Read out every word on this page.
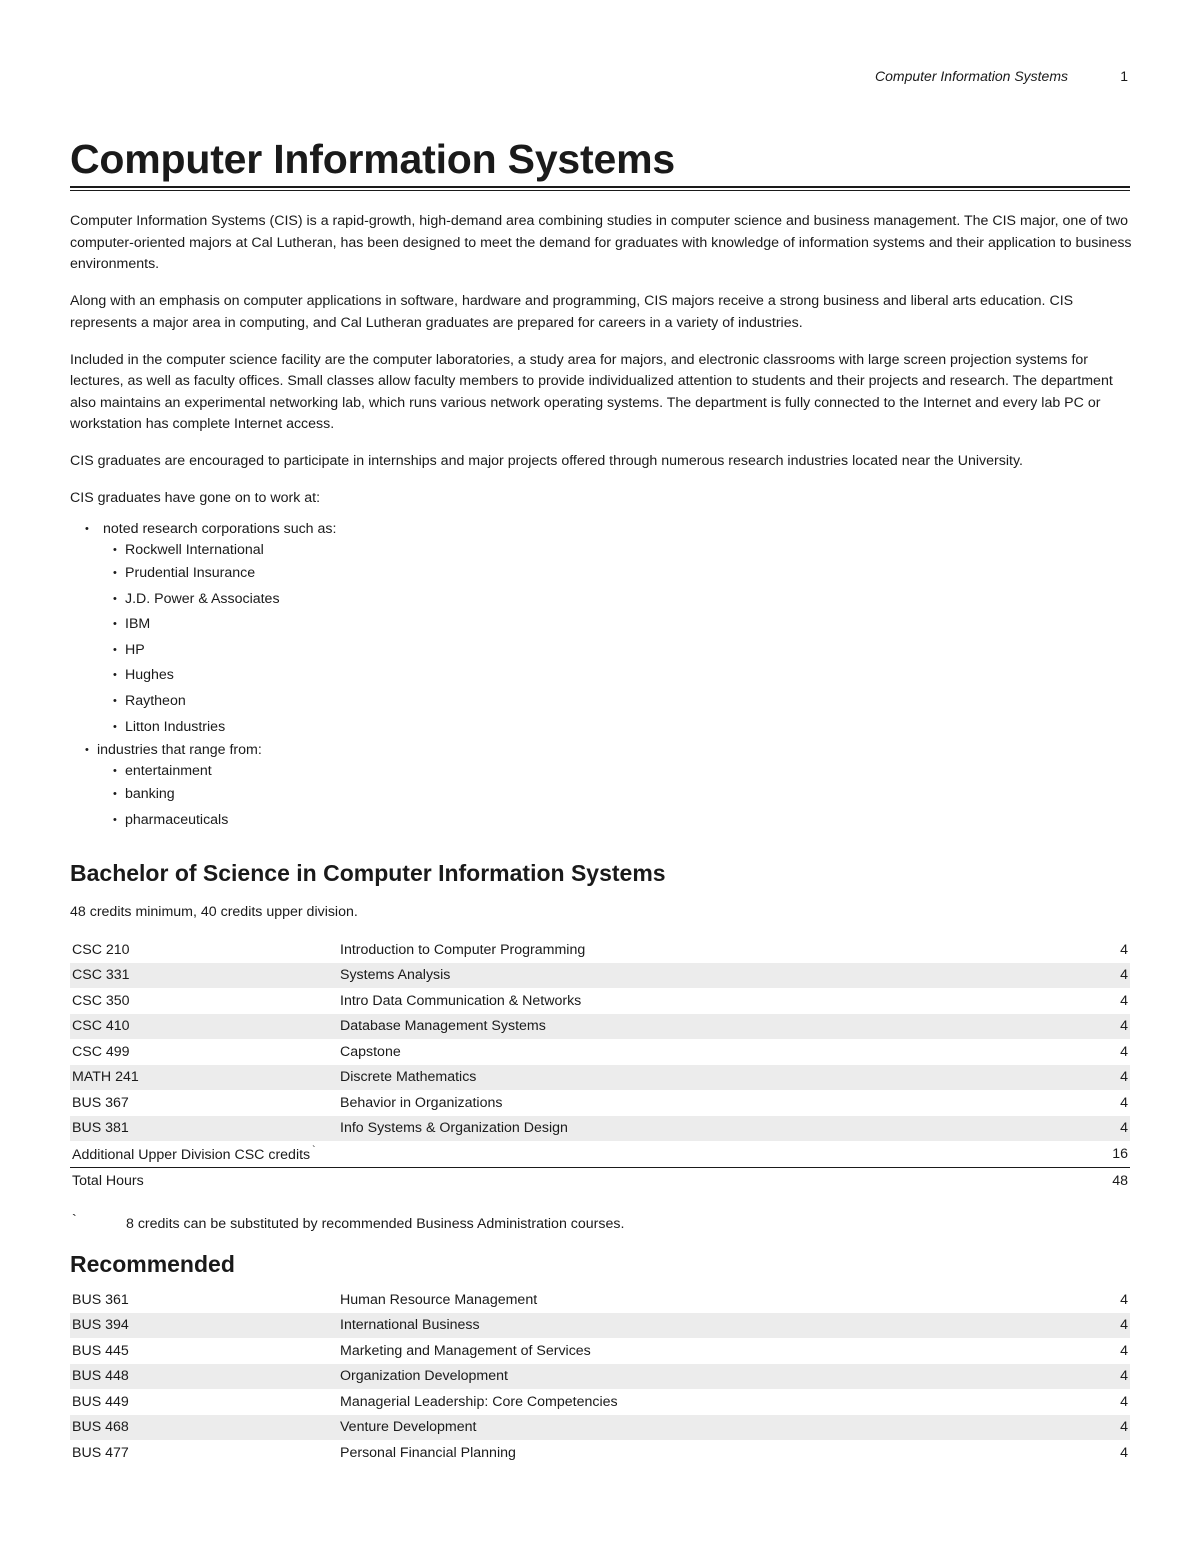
Computer Information Systems	1
Computer Information Systems

Computer Information Systems (CIS) is a rapid-growth, high-demand area combining studies in computer science and business management. The CIS major, one of two computer-oriented majors at Cal Lutheran, has been designed to meet the demand for graduates with knowledge of information systems and their application to business environments.

Along with an emphasis on computer applications in software, hardware and programming, CIS majors receive a strong business and liberal arts education. CIS represents a major area in computing, and Cal Lutheran graduates are prepared for careers in a variety of industries.

Included in the computer science facility are the computer laboratories, a study area for majors, and electronic classrooms with large screen projection systems for lectures, as well as faculty offices. Small classes allow faculty members to provide individualized attention to students and their projects and research. The department also maintains an experimental networking lab, which runs various network operating systems. The department is fully connected to the Internet and every lab PC or workstation has complete Internet access.

CIS graduates are encouraged to participate in internships and major projects offered through numerous research industries located near the University.

CIS graduates have gone on to work at:

• noted research corporations such as:
• Rockwell International
• Prudential Insurance
• J.D. Power & Associates
• IBM
• HP
• Hughes
• Raytheon
• Litton Industries
• industries that range from:
• entertainment
• banking
• pharmaceuticals
Bachelor of Science in Computer Information Systems
48 credits minimum, 40 credits upper division.
CSC 210	Introduction to Computer Programming	4
CSC 331	Systems Analysis	4
CSC 350	Intro Data Communication & Networks	4
CSC 410	Database Management Systems	4
CSC 499	Capstone	4
MATH 241	Discrete Mathematics	4
BUS 367	Behavior in Organizations	4
BUS 381	Info Systems & Organization Design	4
Additional Upper Division CSC credits `		16
Total Hours		48
`	8 credits can be substituted by recommended Business Administration courses.
Recommended
BUS 361	Human Resource Management	4
BUS 394	International Business	4
BUS 445	Marketing and Management of Services	4
BUS 448	Organization Development	4
BUS 449	Managerial Leadership: Core Competencies	4
BUS 468	Venture Development	4
BUS 477	Personal Financial Planning	4
